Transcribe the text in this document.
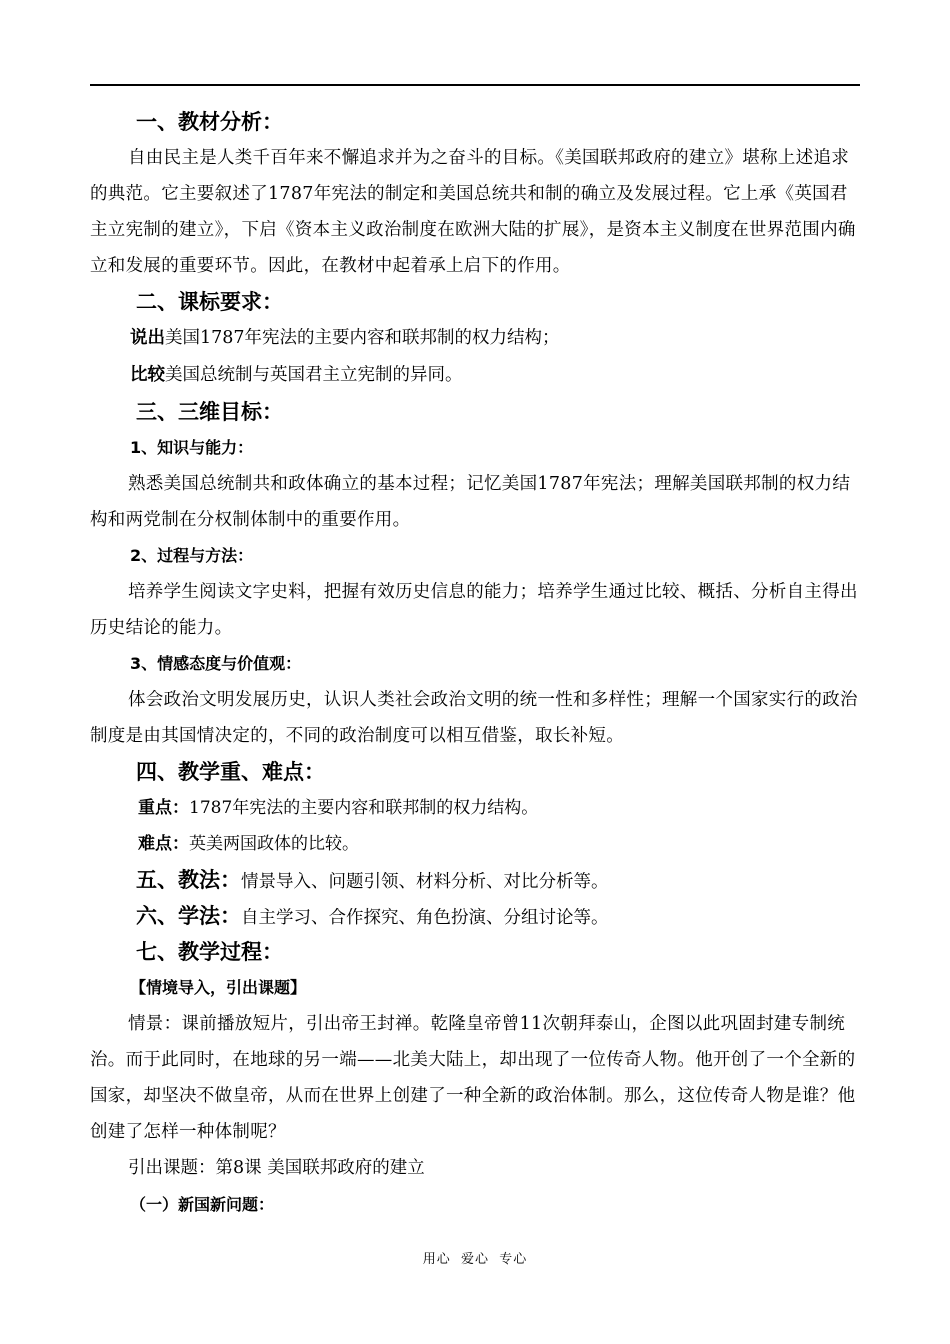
一、教材分析：
自由民主是人类千百年来不懈追求并为之奋斗的目标。《美国联邦政府的建立》堪称上述追求的典范。它主要叙述了1787年宪法的制定和美国总统共和制的确立及发展过程。它上承《英国君主立宪制的建立》，下启《资本主义政治制度在欧洲大陆的扩展》，是资本主义制度在世界范围内确立和发展的重要环节。因此，在教材中起着承上启下的作用。
二、课标要求：
说出美国1787年宪法的主要内容和联邦制的权力结构；
比较美国总统制与英国君主立宪制的异同。
三、三维目标：
1、知识与能力：
熟悉美国总统制共和政体确立的基本过程；记忆美国1787年宪法；理解美国联邦制的权力结构和两党制在分权制体制中的重要作用。
2、过程与方法：
培养学生阅读文字史料，把握有效历史信息的能力；培养学生通过比较、概括、分析自主得出历史结论的能力。
3、情感态度与价值观：
体会政治文明发展历史，认识人类社会政治文明的统一性和多样性；理解一个国家实行的政治制度是由其国情决定的，不同的政治制度可以相互借鉴，取长补短。
四、教学重、难点：
重点：1787年宪法的主要内容和联邦制的权力结构。
难点：英美两国政体的比较。
五、教法：情景导入、问题引领、材料分析、对比分析等。
六、学法：自主学习、合作探究、角色扮演、分组讨论等。
七、教学过程：
【情境导入，引出课题】
情景：课前播放短片，引出帝王封禅。乾隆皇帝曾11次朝拜泰山，企图以此巩固封建专制统治。而于此同时，在地球的另一端——北美大陆上，却出现了一位传奇人物。他开创了一个全新的国家，却坚决不做皇帝，从而在世界上创建了一种全新的政治体制。那么，这位传奇人物是谁？他创建了怎样一种体制呢？
引出课题：第8课 美国联邦政府的建立
（一）新国新问题：
用心  爱心  专心
